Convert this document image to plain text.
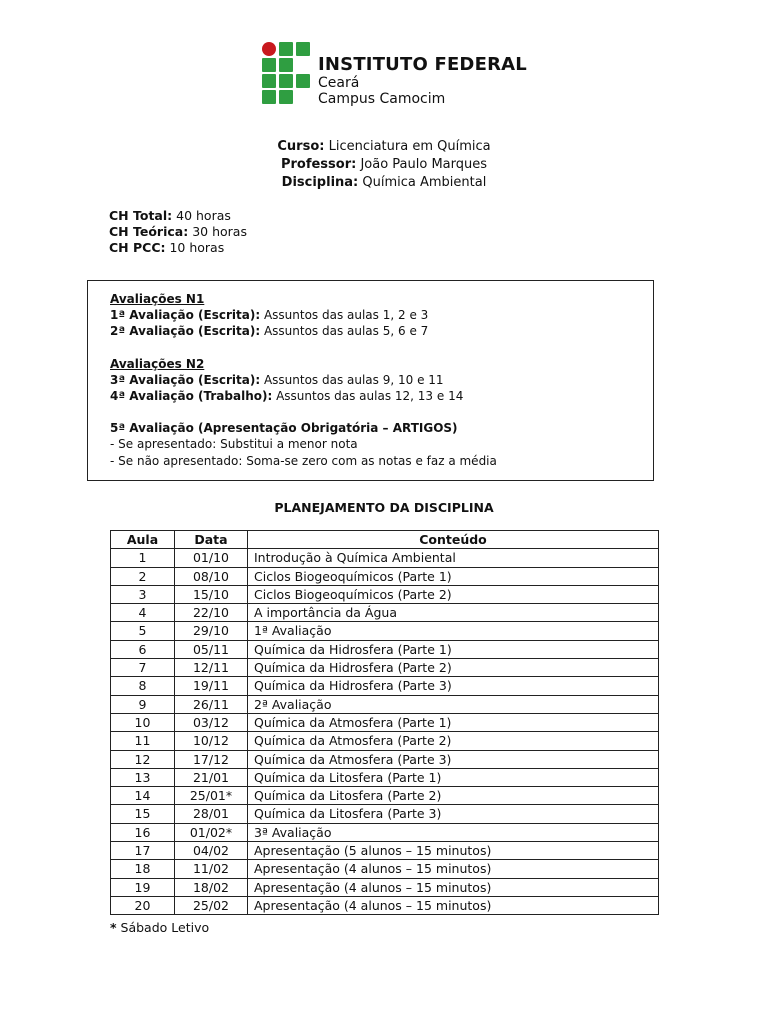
INSTITUTO FEDERAL
Ceará
Campus Camocim
Curso: Licenciatura em Química
Professor: João Paulo Marques
Disciplina: Química Ambiental
CH Total: 40 horas
CH Teórica: 30 horas
CH PCC: 10 horas
Avaliações N1
1ª Avaliação (Escrita): Assuntos das aulas 1, 2 e 3
2ª Avaliação (Escrita): Assuntos das aulas 5, 6 e 7
Avaliações N2
3ª Avaliação (Escrita): Assuntos das aulas 9, 10 e 11
4ª Avaliação (Trabalho): Assuntos das aulas 12, 13 e 14
5ª Avaliação (Apresentação Obrigatória – ARTIGOS)
- Se apresentado: Substitui a menor nota
- Se não apresentado: Soma-se zero com as notas e faz a média
PLANEJAMENTO DA DISCIPLINA
Aula	Data	Conteúdo
1	01/10	Introdução à Química Ambiental
2	08/10	Ciclos Biogeoquímicos (Parte 1)
3	15/10	Ciclos Biogeoquímicos (Parte 2)
4	22/10	A importância da Água
5	29/10	1ª Avaliação
6	05/11	Química da Hidrosfera (Parte 1)
7	12/11	Química da Hidrosfera (Parte 2)
8	19/11	Química da Hidrosfera (Parte 3)
9	26/11	2ª Avaliação
10	03/12	Química da Atmosfera (Parte 1)
11	10/12	Química da Atmosfera (Parte 2)
12	17/12	Química da Atmosfera (Parte 3)
13	21/01	Química da Litosfera (Parte 1)
14	25/01*	Química da Litosfera (Parte 2)
15	28/01	Química da Litosfera (Parte 3)
16	01/02*	3ª Avaliação
17	04/02	Apresentação (5 alunos – 15 minutos)
18	11/02	Apresentação (4 alunos – 15 minutos)
19	18/02	Apresentação (4 alunos – 15 minutos)
20	25/02	Apresentação (4 alunos – 15 minutos)
* Sábado Letivo
